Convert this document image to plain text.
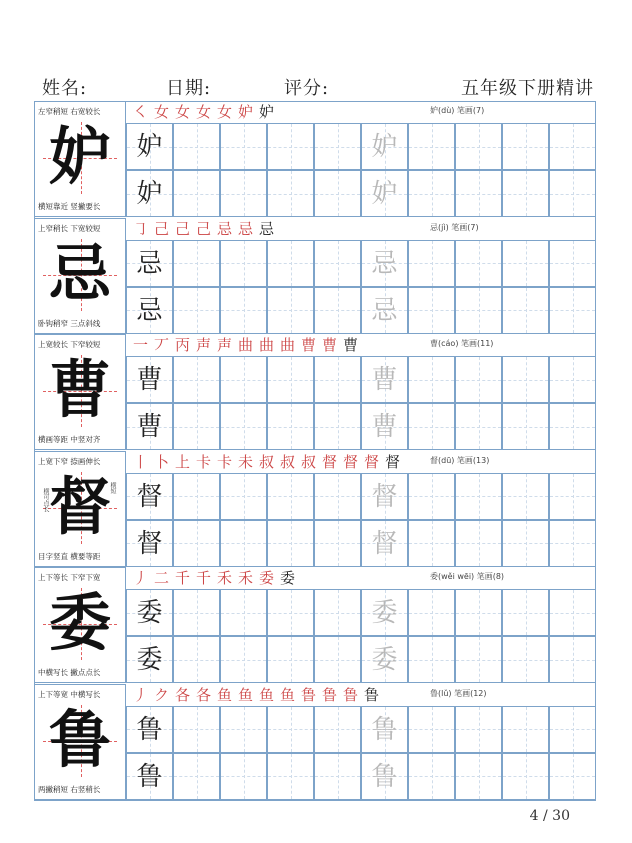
姓名:	日期:	评分:	五年级下册精讲
左窄稍短 右宽较长
妒
横短靠近 竖撇要长
㇛ 女 女 女 女 妒 妒	妒(dù) 笔画(7)
妒	妒
妒	妒
上窄稍长 下宽较短
忌
卧钩稍窄 三点斜线
㇆ 己 己 己 忌 忌 忌	忌(jì) 笔画(7)
忌	忌
忌	忌
上宽较长 下窄较短
曹
横画等距 中竖对齐
一 丆 丙 声 声 曲 曲 曲 曹 曹 曹	曹(cáo) 笔画(11)
曹	曹
曹	曹
上宽下窄 捺画伸长
督
目字竖直 横要等距
横可点长	横短
丨 卜 上 卡 卡 未 叔 叔 叔 督 督 督 督	督(dū) 笔画(13)
督	督
督	督
上下等长 下窄下宽
委
中横写长 撇点点长
丿 二 千 千 禾 禾 委 委	委(wěi wēi) 笔画(8)
委	委
委	委
上下等宽 中横写长
鲁
两撇稍短 右竖稍长
丿 ク 各 各 鱼 鱼 鱼 鱼 鲁 鲁 鲁 鲁	鲁(lǔ) 笔画(12)
鲁	鲁
鲁	鲁
4 / 30
